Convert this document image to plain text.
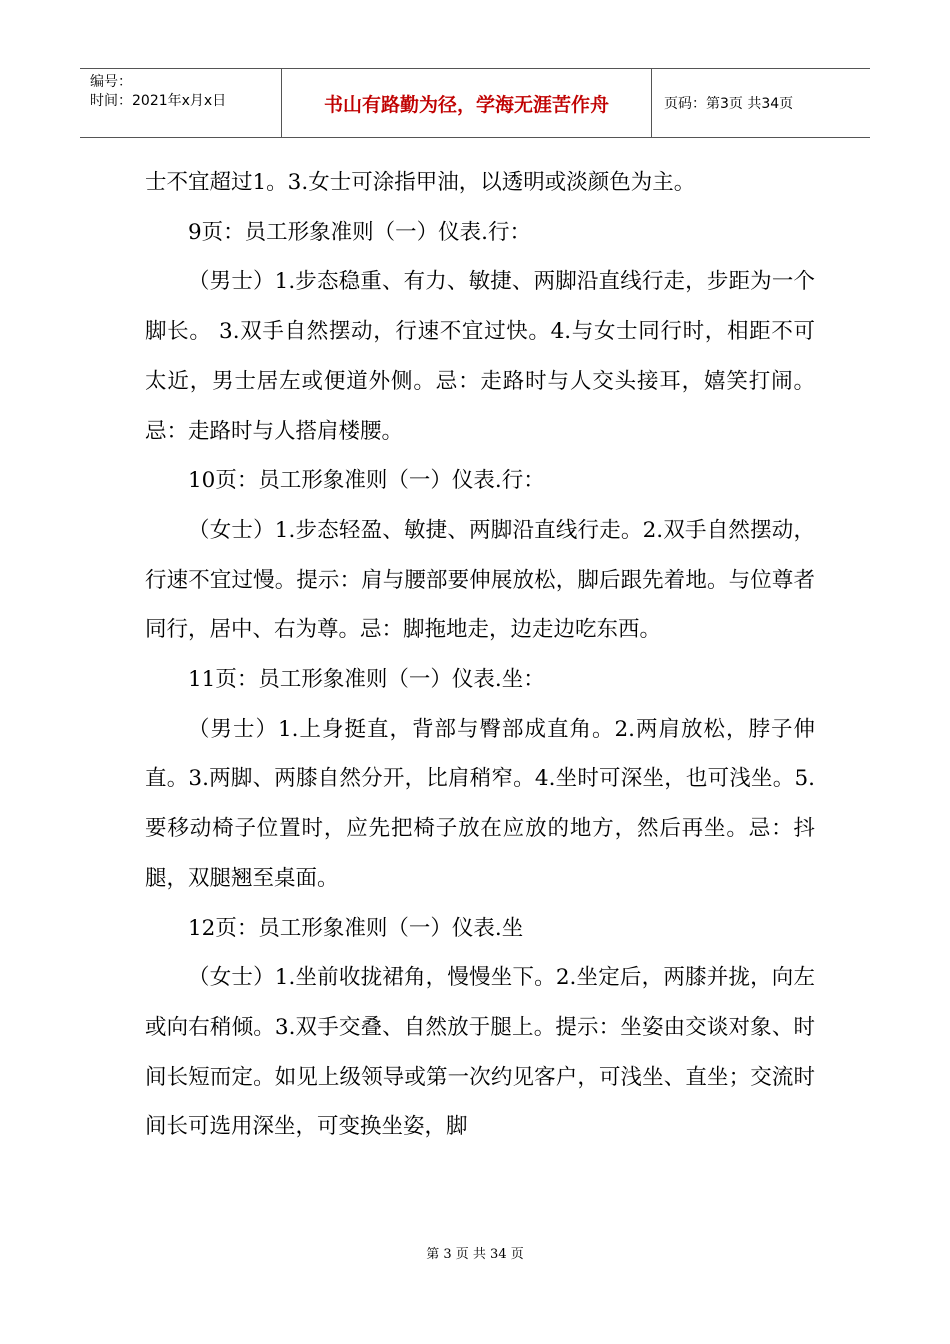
编号：
时间：2021年x月x日	书山有路勤为径，学海无涯苦作舟	页码：第3页 共34页

士不宜超过1。3.女士可涂指甲油，以透明或淡颜色为主。

9页：员工形象准则（一）仪表.行：

（男士）1.步态稳重、有力、敏捷、两脚沿直线行走，步距为一个脚长。 3.双手自然摆动，行速不宜过快。4.与女士同行时，相距不可太近，男士居左或便道外侧。忌：走路时与人交头接耳，嬉笑打闹。忌：走路时与人搭肩楼腰。

10页：员工形象准则（一）仪表.行：

（女士）1.步态轻盈、敏捷、两脚沿直线行走。2.双手自然摆动，行速不宜过慢。提示：肩与腰部要伸展放松，脚后跟先着地。与位尊者同行，居中、右为尊。忌：脚拖地走，边走边吃东西。

11页：员工形象准则（一）仪表.坐：

（男士）1.上身挺直，背部与臀部成直角。2.两肩放松，脖子伸直。3.两脚、两膝自然分开，比肩稍窄。4.坐时可深坐，也可浅坐。5.要移动椅子位置时，应先把椅子放在应放的地方，然后再坐。忌：抖腿，双腿翘至桌面。

12页：员工形象准则（一）仪表.坐

（女士）1.坐前收拢裙角，慢慢坐下。2.坐定后，两膝并拢，向左或向右稍倾。3.双手交叠、自然放于腿上。提示：坐姿由交谈对象、时间长短而定。如见上级领导或第一次约见客户，可浅坐、直坐；交流时间长可选用深坐，可变换坐姿，脚

第 3 页 共 34 页
